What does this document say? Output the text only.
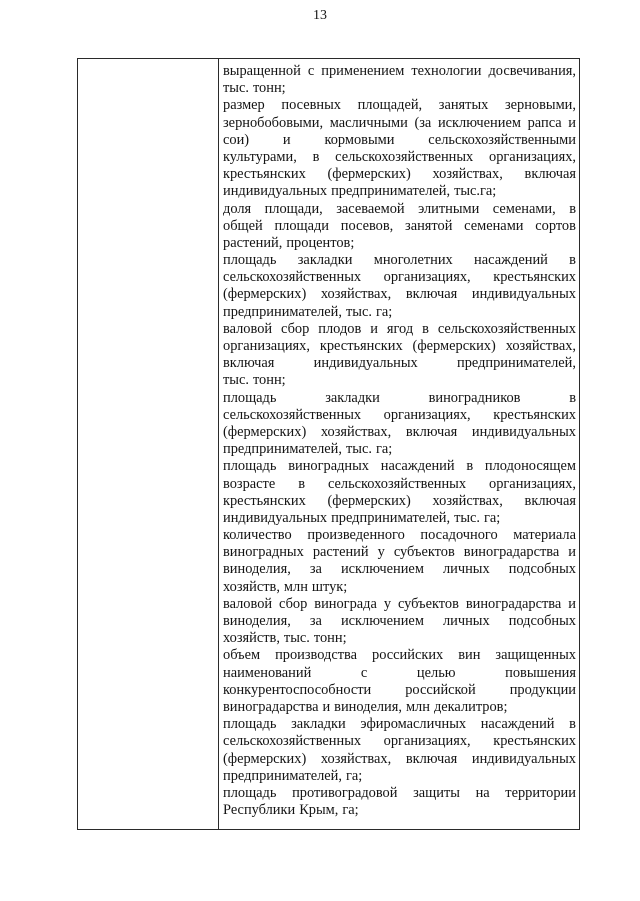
13
выращенной с применением технологии досвечивания,
тыс. тонн;
размер посевных площадей, занятых зерновыми,
зернобобовыми, масличными (за исключением рапса и
сои) и кормовыми сельскохозяйственными
культурами, в сельскохозяйственных организациях,
крестьянских (фермерских) хозяйствах, включая
индивидуальных предпринимателей, тыс.га;
доля площади, засеваемой элитными семенами, в
общей площади посевов, занятой семенами сортов
растений, процентов;
площадь закладки многолетних насаждений в
сельскохозяйственных организациях, крестьянских
(фермерских) хозяйствах, включая индивидуальных
предпринимателей, тыс. га;
валовой сбор плодов и ягод в сельскохозяйственных
организациях, крестьянских (фермерских) хозяйствах,
включая	индивидуальных	предпринимателей,
тыс. тонн;
площадь	закладки	виноградников	в
сельскохозяйственных организациях, крестьянских
(фермерских) хозяйствах, включая индивидуальных
предпринимателей, тыс. га;
площадь виноградных насаждений в плодоносящем
возрасте в сельскохозяйственных организациях,
крестьянских (фермерских) хозяйствах, включая
индивидуальных предпринимателей, тыс. га;
количество произведенного посадочного материала
виноградных растений у субъектов виноградарства и
виноделия, за исключением личных подсобных
хозяйств, млн штук;
валовой сбор винограда у субъектов виноградарства и
виноделия, за исключением личных подсобных
хозяйств, тыс. тонн;
объем производства российских вин защищенных
наименований	с	целью	повышения
конкурентоспособности российской продукции
виноградарства и виноделия, млн декалитров;
площадь закладки эфиромасличных насаждений в
сельскохозяйственных организациях, крестьянских
(фермерских) хозяйствах, включая индивидуальных
предпринимателей, га;
площадь противоградовой защиты на территории
Республики Крым, га;
